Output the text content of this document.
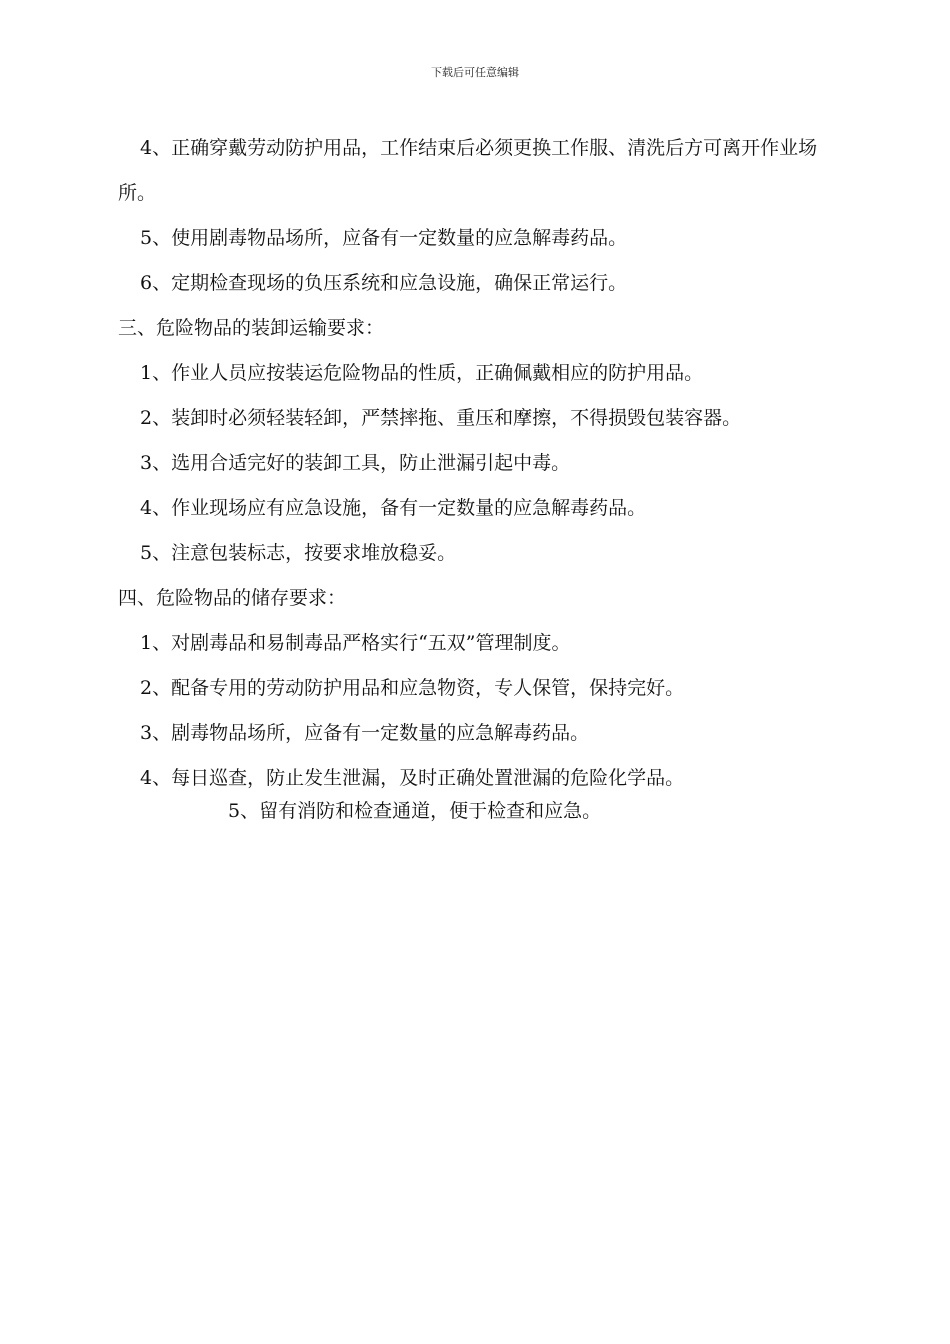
下载后可任意编辑

4、正确穿戴劳动防护用品，工作结束后必须更换工作服、清洗后方可离开作业场所。

5、使用剧毒物品场所，应备有一定数量的应急解毒药品。

6、定期检查现场的负压系统和应急设施，确保正常运行。

三、危险物品的装卸运输要求：

1、作业人员应按装运危险物品的性质，正确佩戴相应的防护用品。

2、装卸时必须轻装轻卸，严禁摔拖、重压和摩擦，不得损毁包装容器。

3、选用合适完好的装卸工具，防止泄漏引起中毒。

4、作业现场应有应急设施，备有一定数量的应急解毒药品。

5、注意包装标志，按要求堆放稳妥。

四、危险物品的储存要求：

1、对剧毒品和易制毒品严格实行“五双”管理制度。

2、配备专用的劳动防护用品和应急物资，专人保管，保持完好。

3、剧毒物品场所，应备有一定数量的应急解毒药品。

4、每日巡查，防止发生泄漏，及时正确处置泄漏的危险化学品。

5、留有消防和检查通道，便于检查和应急。
